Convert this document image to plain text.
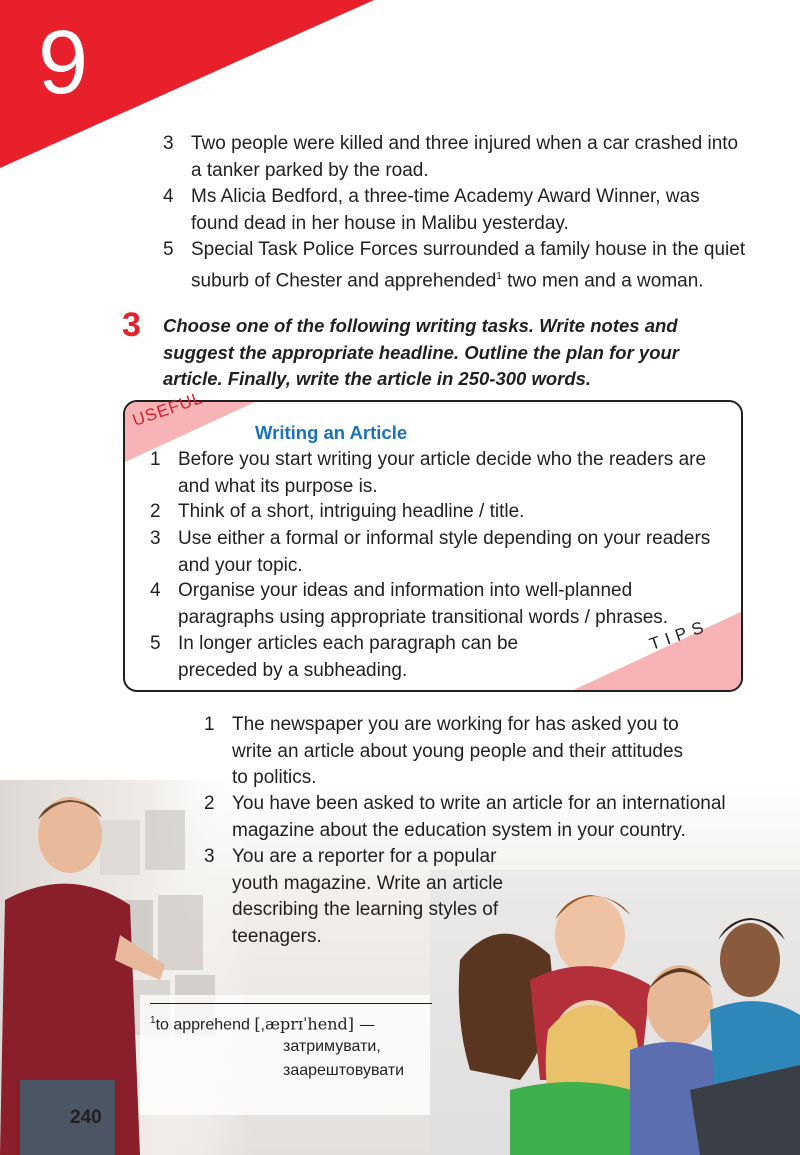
9
3 Two people were killed and three injured when a car crashed into
a tanker parked by the road.
4 Ms Alicia Bedford, a three-time Academy Award Winner, was
found dead in her house in Malibu yesterday.
5 Special Task Police Forces surrounded a family house in the quiet
suburb of Chester and apprehended$^1$ two men and a woman.
3 Choose one of the following writing tasks. Write notes and
suggest the appropriate headline. Outline the plan for your
article. Finally, write the article in 250-300 words.
USEFUL
TIPS
Writing an Article
1 Before you start writing your article decide who the readers are
and what its purpose is.
2 Think of a short, intriguing headline / title.
3 Use either a formal or informal style depending on your readers
and your topic.
4 Organise your ideas and information into well-planned
paragraphs using appropriate transitional words / phrases.
5 In longer articles each paragraph can be
preceded by a subheading.
1 The newspaper you are working for has asked you to
write an article about young people and their attitudes
to politics.
2 You have been asked to write an article for an international
magazine about the education system in your country.
3 You are a reporter for a popular
youth magazine. Write an article
describing the learning styles of
teenagers.
$^1$to apprehend [ˌæprɪˈhend] —
затримувати,
заарештовувати
240
